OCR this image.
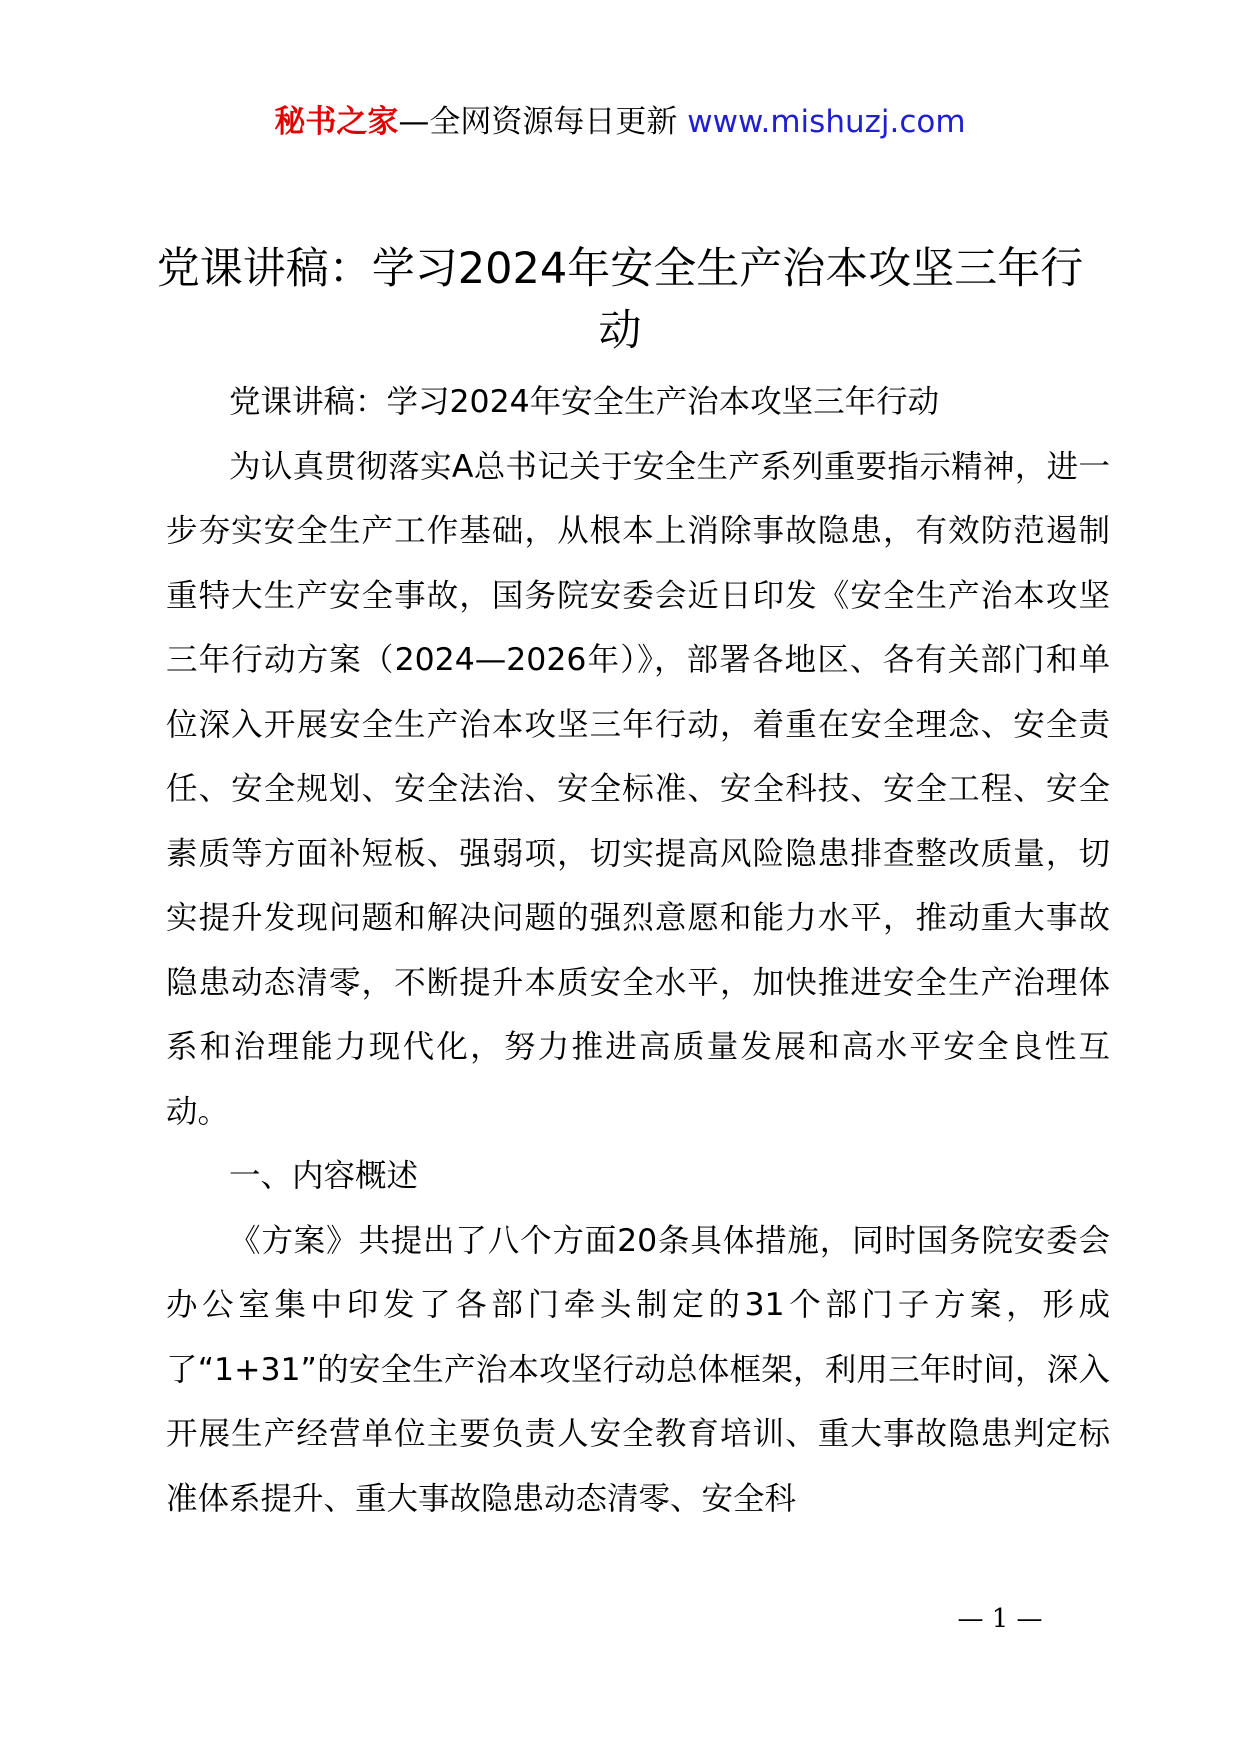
秘书之家—全网资源每日更新 www.mishuzj.com
党课讲稿：学习2024年安全生产治本攻坚三年行动

党课讲稿：学习2024年安全生产治本攻坚三年行动

为认真贯彻落实A总书记关于安全生产系列重要指示精神，进一步夯实安全生产工作基础，从根本上消除事故隐患，有效防范遏制重特大生产安全事故，国务院安委会近日印发《安全生产治本攻坚三年行动方案（2024—2026年）》，部署各地区、各有关部门和单位深入开展安全生产治本攻坚三年行动，着重在安全理念、安全责任、安全规划、安全法治、安全标准、安全科技、安全工程、安全素质等方面补短板、强弱项，切实提高风险隐患排查整改质量，切实提升发现问题和解决问题的强烈意愿和能力水平，推动重大事故隐患动态清零，不断提升本质安全水平，加快推进安全生产治理体系和治理能力现代化，努力推进高质量发展和高水平安全良性互动。

一、内容概述

《方案》共提出了八个方面20条具体措施，同时国务院安委会办公室集中印发了各部门牵头制定的31个部门子方案，形成了“1+31”的安全生产治本攻坚行动总体框架，利用三年时间，深入开展生产经营单位主要负责人安全教育培训、重大事故隐患判定标准体系提升、重大事故隐患动态清零、安全科

— 1 —
